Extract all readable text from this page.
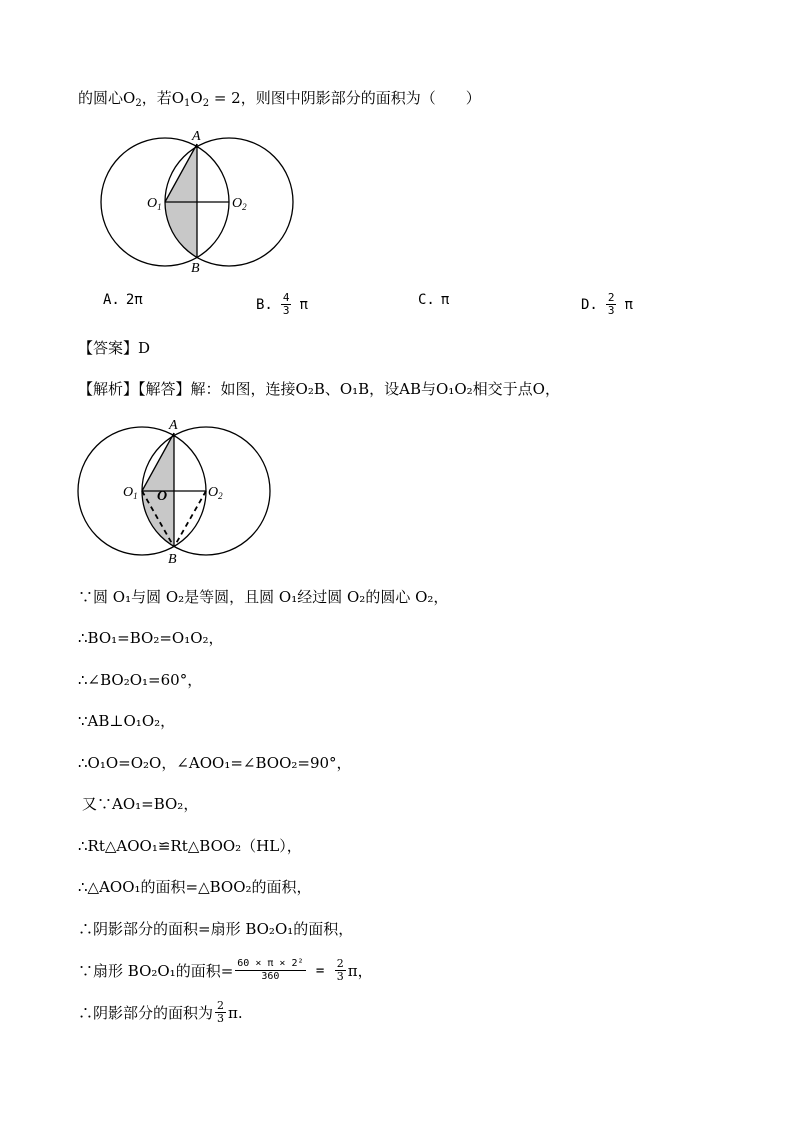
的圆心$O_2$，若$O_1O_2 = 2$，则图中阴影部分的面积为（　　）
A
B
$O_1$	$O_2$
A. 2π	B. $\frac{4}{3}$ π	C. π	D. $\frac{2}{3}$ π
【答案】D
【解析】【解答】解：如图，连接O₂B、O₁B，设AB与O₁O₂相交于点O，
A
B
O
$O_1$	$O_2$
∵圆 O₁与圆 O₂是等圆，且圆 O₁经过圆 O₂的圆心 O₂，
∴BO₁=BO₂=O₁O₂，
∴∠BO₂O₁=60°，
∵AB⊥O₁O₂，
∴O₁O=O₂O，∠AOO₁=∠BOO₂=90°，
又∵AO₁=BO₂，
∴Rt△AOO₁≌Rt△BOO₂（HL），
∴△AOO₁的面积=△BOO₂的面积，
∴阴影部分的面积=扇形 BO₂O₁的面积，
∵扇形 BO₂O₁的面积= $\frac{\text{60 × π × 2²}}{360} = \frac{2}{3}$ π，
∴阴影部分的面积为 $\frac{2}{3} \pi$.
